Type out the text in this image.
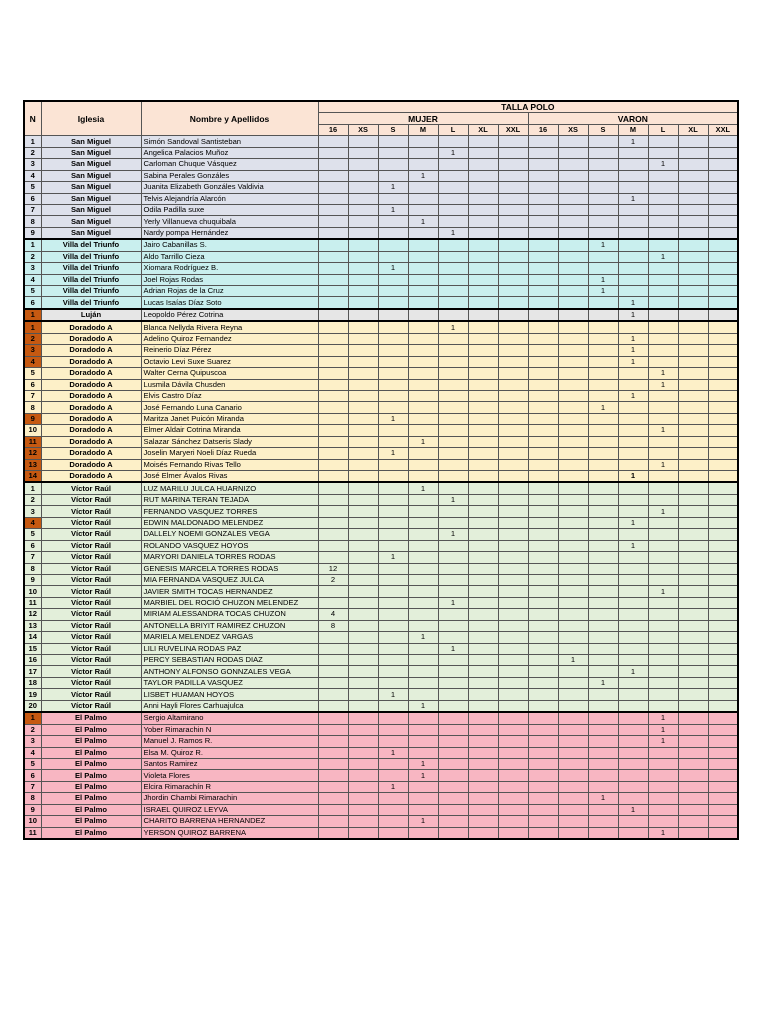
N	Iglesia	Nombre y Apellidos	TALLA POLO													
			MUJER							VARON						
			16	XS	S	M	L	XL	XXL	16	XS	S	M	L	XL	XXL
1	San Miguel	Simón Sandoval Santisteban											1			
2	San Miguel	Angelica Palacios Muñoz					1									
3	San Miguel	Carloman Chuque Vásquez												1		
4	San Miguel	Sabina Perales Gonzáles				1										
5	San Miguel	Juanita Elizabeth Gonzáles Valdivia			1											
6	San Miguel	Telvis Alejandría Alarcón											1			
7	San Miguel	Odila Padilla suxe			1											
8	San Miguel	Yerly Villanueva chuquibala				1										
9	San Miguel	Nardy pompa Hernández					1									
1	Villa del Triunfo	Jairo Cabanillas S.										1				
2	Villa del Triunfo	Aldo Tarrillo Cieza												1		
3	Villa del Triunfo	Xiomara Rodríguez B.			1											
4	Villa del Triunfo	Joel Rojas Rodas										1				
5	Villa del Triunfo	Adrian Rojas de la Cruz										1				
6	Villa del Triunfo	Lucas Isaías Díaz Soto											1			
1	Luján	Leopoldo Pérez Cotrina											1			
1	Doradodo A	Blanca Nellyda Rivera Reyna					1									
2	Doradodo A	Adelino Quiroz Fernandez											1			
3	Doradodo A	Reinerio Díaz Pérez											1			
4	Doradodo A	Octavio Levi Suxe Suarez											1			
5	Doradodo A	Walter Cerna Quipuscoa												1		
6	Doradodo A	Lusmila Dávila Chusden												1		
7	Doradodo A	Elvis Castro Díaz											1			
8	Doradodo A	José Fernando Luna Canario										1				
9	Doradodo A	Maritza Janet Puicón Miranda			1											
10	Doradodo A	Elmer Aldair Cotrina Miranda												1		
11	Doradodo A	Salazar Sánchez Datseris Slady				1										
12	Doradodo A	Joselin Maryeri Noeli Díaz Rueda			1											
13	Doradodo A	Moisés Fernando Rivas Tello												1		
14	Doradodo A	José Elmer Ávalos Rivas											1			
1	Víctor Raúl	LUZ MARILU JULCA HUARNIZO				1										
2	Víctor Raúl	RUT MARINA TERAN TEJADA					1									
3	Víctor Raúl	FERNANDO VASQUEZ TORRES												1		
4	Víctor Raúl	EDWIN MALDONADO MELENDEZ											1			
5	Víctor Raúl	DALLELY NOEMI GONZALES VEGA					1									
6	Víctor Raúl	ROLANDO VASQUEZ HOYOS											1			
7	Víctor Raúl	MARYORI DANIELA TORRES RODAS			1											
8	Víctor Raúl	GENESIS MARCELA TORRES RODAS	12													
9	Víctor Raúl	MIA FERNANDA VASQUEZ JULCA	2													
10	Víctor Raúl	JAVIER SMITH TOCAS HERNANDEZ												1		
11	Víctor Raúl	MARBIEL DEL ROCIÓ CHUZON MELENDEZ					1									
12	Víctor Raúl	MIRIAM ALESSANDRA TOCAS CHUZON	4													
13	Víctor Raúl	ANTONELLA BRIYIT RAMIREZ CHUZON	8													
14	Víctor Raúl	MARIELA MELENDEZ VARGAS				1										
15	Víctor Raúl	LILI RUVELINA RODAS PAZ					1									
16	Víctor Raúl	PERCY SEBASTIAN RODAS DIAZ									1					
17	Víctor Raúl	ANTHONY ALFONSO GONNZALES VEGA											1			
18	Víctor Raúl	TAYLOR PADILLA VASQUEZ										1				
19	Víctor Raúl	LISBET HUAMAN HOYOS			1											
20	Víctor Raúl	Anni Hayli Flores Carhuajulca				1										
1	El Palmo	Sergio Altamirano												1		
2	El Palmo	Yober Rimarachin N												1		
3	El Palmo	Manuel J. Ramos R.												1		
4	El Palmo	Elsa M. Quiroz R.			1											
5	El Palmo	Santos Ramirez				1										
6	El Palmo	Violeta Flores				1										
7	El Palmo	Elcira Rimarachín R			1											
8	El Palmo	Jhordin Chambi Rimarachin										1				
9	El Palmo	ISRAEL QUIROZ LEYVA											1			
10	El Palmo	CHARITO BARRENA HERNANDEZ				1										
11	El Palmo	YERSON QUIROZ BARRENA												1		
